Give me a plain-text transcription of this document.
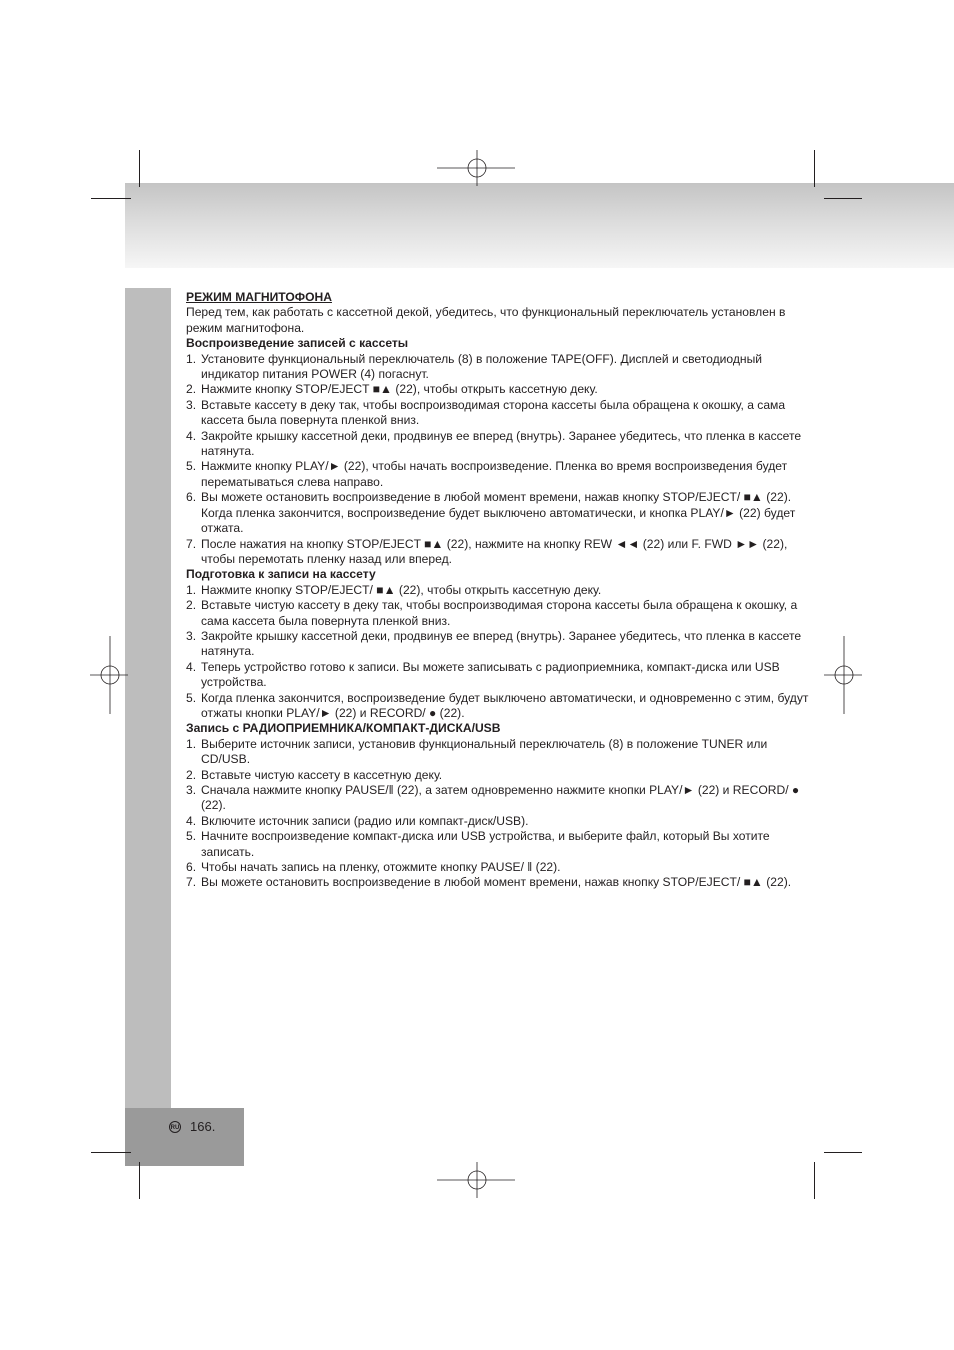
RU 166.

РЕЖИМ МАГНИТОФОНА

Перед тем, как работать с кассетной декой, убедитесь, что функциональный переключатель установлен в режим магнитофона.

Воспроизведение записей с кассеты

1. Установите функциональный переключатель (8) в положение TAPE(OFF). Дисплей и светодиодный индикатор питания POWER (4) погаснут.
2. Нажмите кнопку STOP/EJECT ■▲ (22), чтобы открыть кассетную деку.
3. Вставьте кассету в деку так, чтобы воспроизводимая сторона кассеты была обращена к окошку, а сама кассета была повернута пленкой вниз.
4. Закройте крышку кассетной деки, продвинув ее вперед (внутрь). Заранее убедитесь, что пленка в кассете натянута.
5. Нажмите кнопку PLAY/► (22), чтобы начать воспроизведение. Пленка во время воспроизведения будет перематываться слева направо.
6. Вы можете остановить воспроизведение в любой момент времени, нажав кнопку STOP/EJECT/ ■▲ (22). Когда пленка закончится, воспроизведение будет выключено автоматически, и кнопка PLAY/► (22) будет отжата.
7. После нажатия на кнопку STOP/EJECT ■▲ (22), нажмите на кнопку REW ◄◄ (22) или F. FWD ►► (22), чтобы перемотать пленку назад или вперед.

Подготовка к записи на кассету

1. Нажмите кнопку STOP/EJECT/ ■▲ (22), чтобы открыть кассетную деку.
2. Вставьте чистую кассету в деку так, чтобы воспроизводимая сторона кассеты была обращена к окошку, а сама кассета была повернута пленкой вниз.
3. Закройте крышку кассетной деки, продвинув ее вперед (внутрь). Заранее убедитесь, что пленка в кассете натянута.
4. Теперь устройство готово к записи. Вы можете записывать с радиоприемника, компакт-диска или USB устройства.
5. Когда пленка закончится, воспроизведение будет выключено автоматически, и одновременно с этим, будут отжаты кнопки PLAY/► (22) и RECORD/ ● (22).

Запись с РАДИОПРИЕМНИКА/КОМПАКТ-ДИСКА/USB

1. Выберите источник записи, установив функциональный переключатель (8) в положение TUNER или CD/USB.
2. Вставьте чистую кассету в кассетную деку.
3. Сначала нажмите кнопку PAUSE/ǁ (22), а затем одновременно нажмите кнопки PLAY/► (22) и RECORD/ ● (22).
4. Включите источник записи (радио или компакт-диск/USB).
5. Начните воспроизведение компакт-диска или USB устройства, и выберите файл, который Вы хотите записать.
6. Чтобы начать запись на пленку, отожмите кнопку PAUSE/ ǁ (22).
7. Вы можете остановить воспроизведение в любой момент времени, нажав кнопку STOP/EJECT/ ■▲ (22).
